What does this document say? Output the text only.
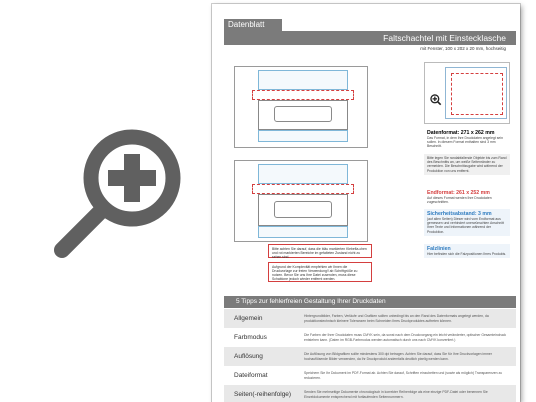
Datenblatt
Faltschachtel mit Einstecklasche
mit Fenster, 100 x 202 x 20 mm, hochseitig
Bitte achten Sie darauf, dass die bläu markierten Klebefla-chen und rot markierten Bereiche im gefalteten Zustand nicht zu sehen sind.
Aufgrund der Komplexität empfehlen wir Ihnen die Druckvorlage zur freien Verwendung!! ab Schriftgröße zu nutzen. Bevor Sie uns Ihre Datei zusenden, muss diese Schablone jedoch wieder entfernt werden.
Datenformat: 271 x 262 mm
Das Format, in dem Ihre Druckdaten angelegt sein sollen. In diesem Format enthalten sind 3 mm Beschnitt.
Bitte legen Sie randabfallende Objekte bis zum Rand des Beschnitts an, um weiße Seitenränder zu vermeiden. Die Beschnittzugabe wird während der Produktion von uns entfernt.
Endformat: 261 x 252 mm
Auf dieses Format werden Ihre Druckdaten zugeschnitten.
Sicherheitsabstand: 3 mm
(auf allen Seiten) Dieser wird vom Endformat aus gemessen und verhindert unerwünschten Anschnitt Ihrer Texte und Informationen während der Produktion.
Falzlinien
Hier befinden sich die Falzpositionen Ihres Produkts.
5 Tipps zur fehlerfreien Gestaltung Ihrer Druckdaten
Allgemein	Hintergrundbilder, Farben, Verläufe und Grafiken sollten unbedingt bis an den Rand des Datenformats angelegt werden, da produktionstechnisch kleinere Toleranzen beim Schneiden Ihres Druckproduktes auftreten können.
Farbmodus	Die Farben der Ihrer Druckdaten muss CMYK sein, da sonst nach dem Druckvorgang ein leicht veränderter, optischer Gesamteindruck entstehen kann. (Daten im RGB-Farbmodus werden automatisch durch uns nach CMYK konvertiert.)
Auflösung	Die Auflösung von Bildgrafiken sollte mindestens 300 dpi betragen. Achten Sie darauf, dass Sie für Ihre Druckvorlagen immer hochauflösende Bilder verwenden, da Ihr Druckprodukt andernfalls deutlich pixelig werden kann.
Dateiformat	Speichern Sie Ihr Dokument im PDF-Format ab. Achten Sie darauf, Schriften einzubetten und (sowie als möglich) Transparenzen zu reduzieren.
Seiten(-reihenfolge)	Senden Sie mehrseitige Dokumente chronologisch in korrekter Reihenfolge als eine einzige PDF-Datei oder benennen Sie Einzeldokumente entsprechend mit fortlaufenden Seitennummern.
